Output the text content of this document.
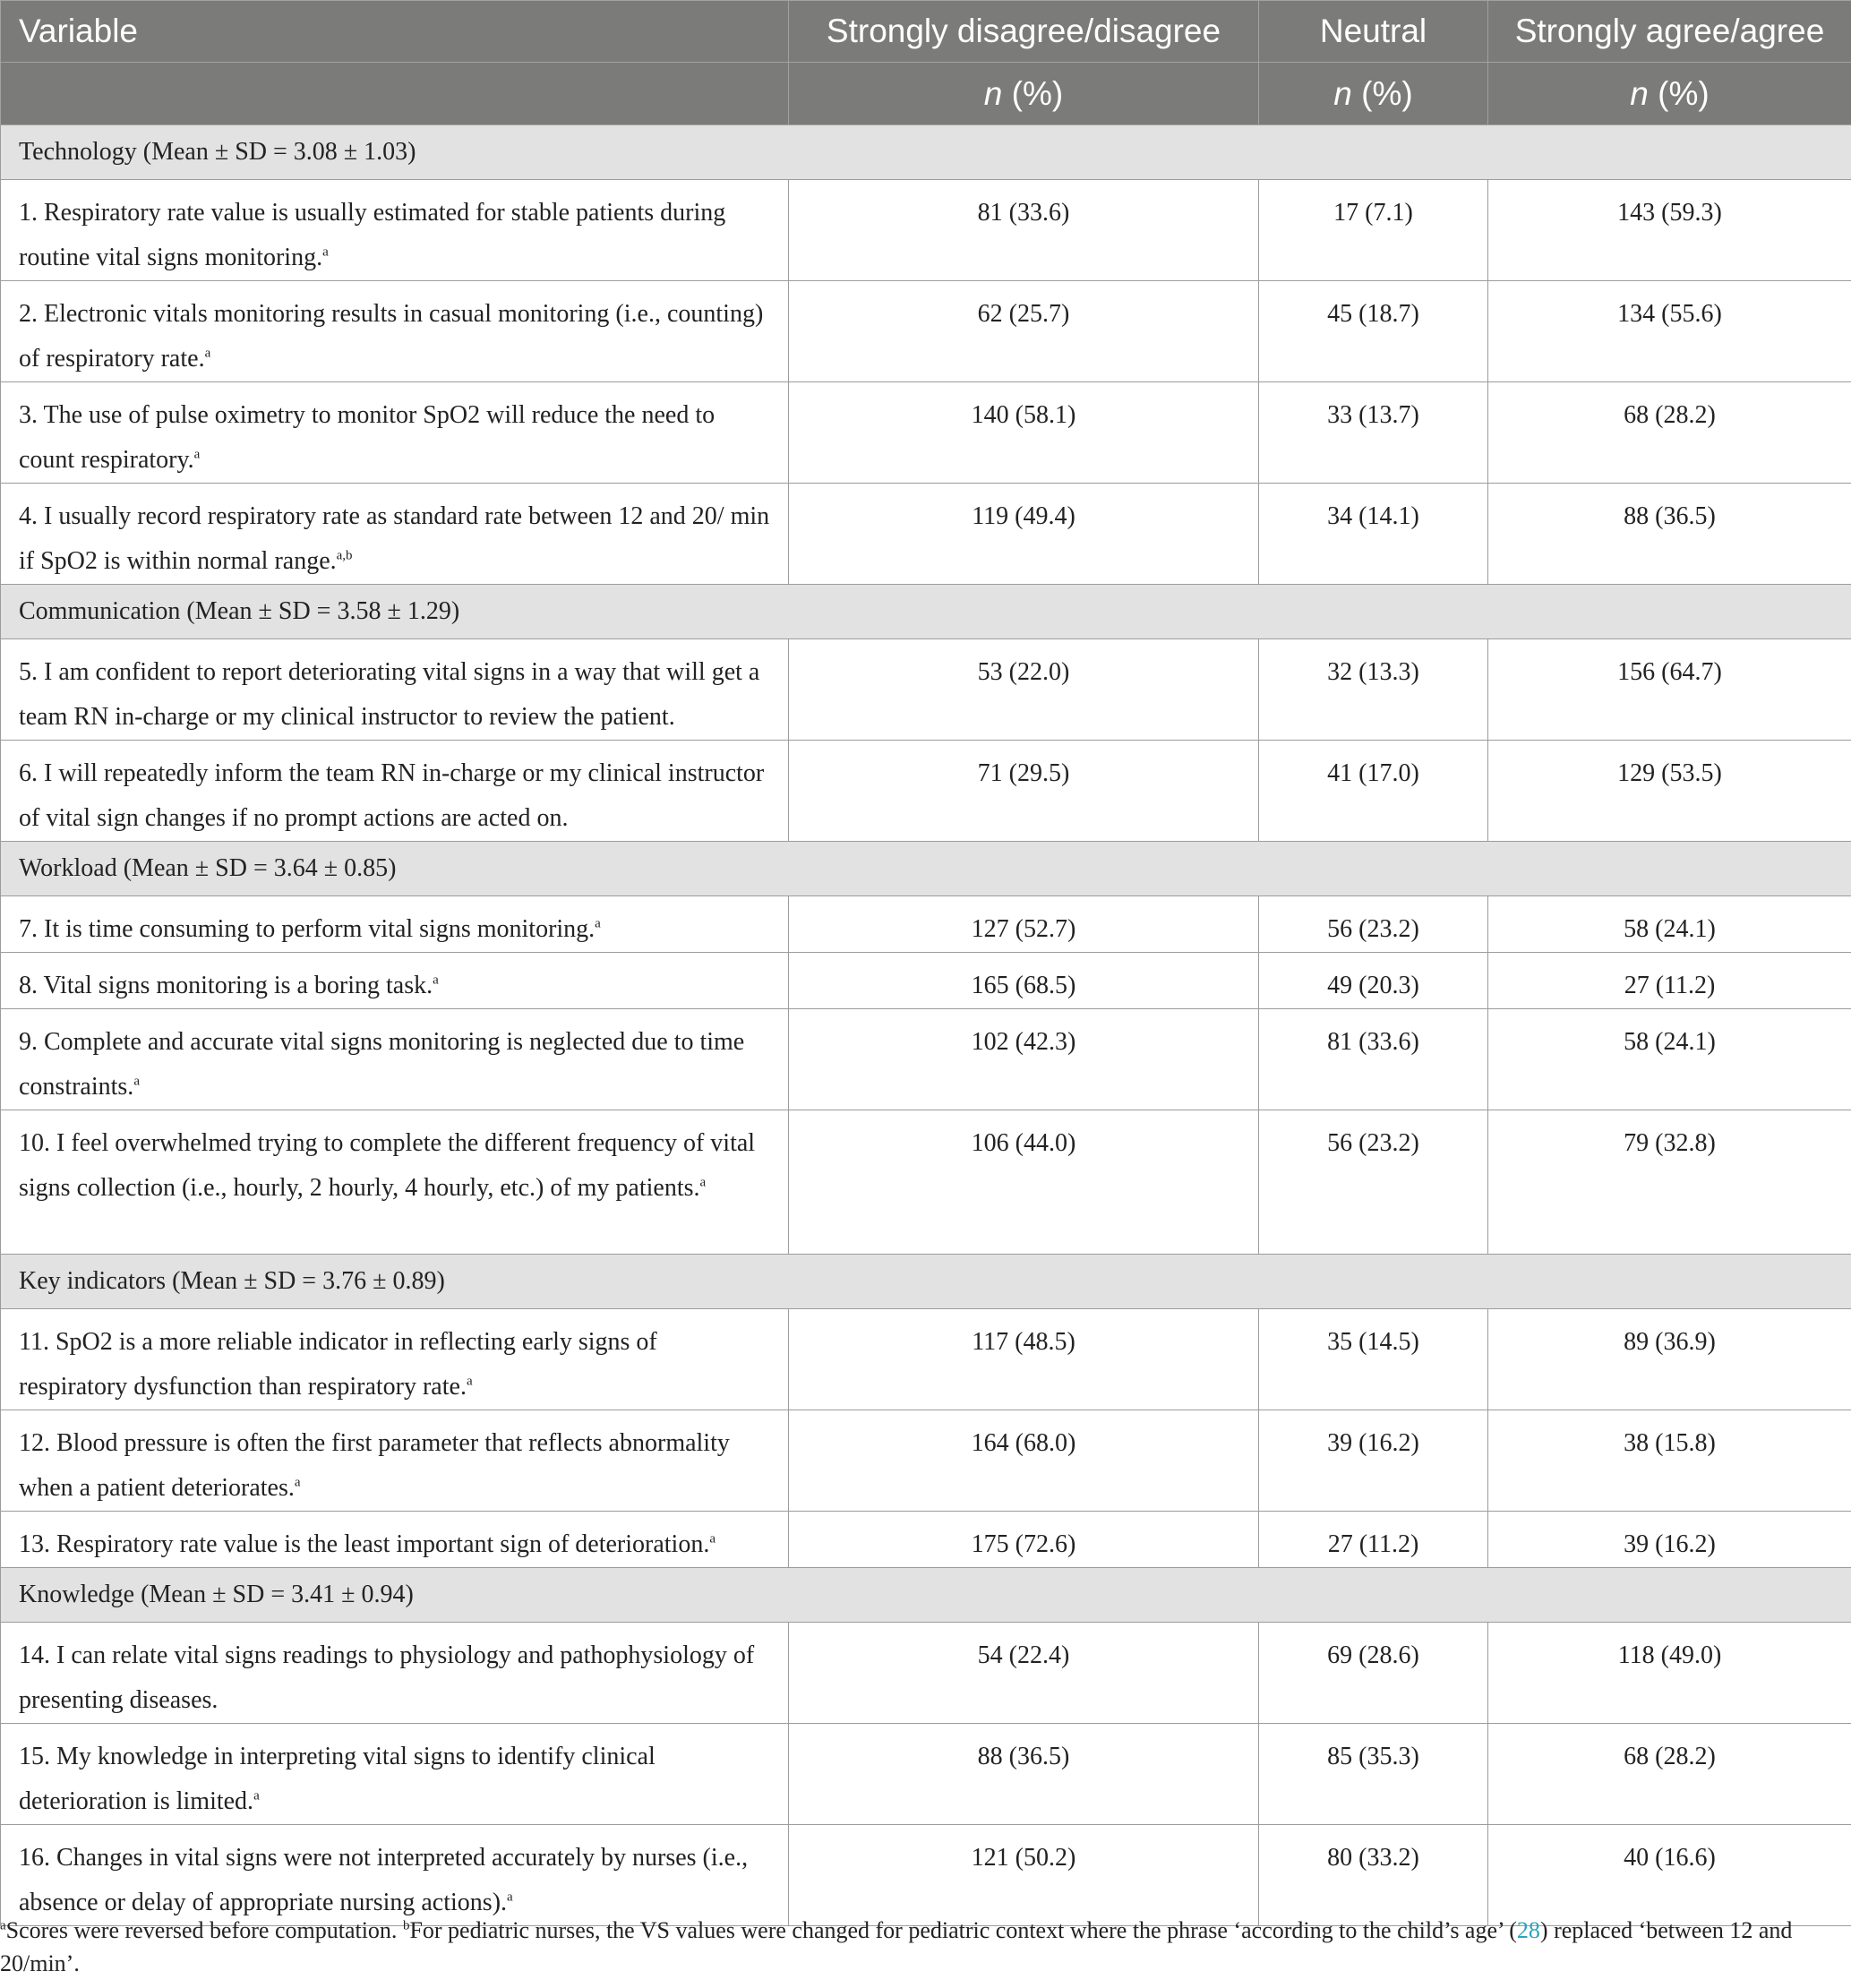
Variable	Strongly disagree/disagree	Neutral	Strongly agree/agree
	n (%)	n (%)	n (%)
Technology (Mean ± SD = 3.08 ± 1.03)			
1. Respiratory rate value is usually estimated for stable patients during routine vital signs monitoring.$^a$	81 (33.6)	17 (7.1)	143 (59.3)
2. Electronic vitals monitoring results in casual monitoring (i.e., counting) of respiratory rate.$^a$	62 (25.7)	45 (18.7)	134 (55.6)
3. The use of pulse oximetry to monitor SpO2 will reduce the need to count respiratory.$^a$	140 (58.1)	33 (13.7)	68 (28.2)
4. I usually record respiratory rate as standard rate between 12 and 20/ min if SpO2 is within normal range.$^{a,b}$	119 (49.4)	34 (14.1)	88 (36.5)
Communication (Mean ± SD = 3.58 ± 1.29)			
5. I am confident to report deteriorating vital signs in a way that will get a team RN in-charge or my clinical instructor to review the patient.	53 (22.0)	32 (13.3)	156 (64.7)
6. I will repeatedly inform the team RN in-charge or my clinical instructor of vital sign changes if no prompt actions are acted on.	71 (29.5)	41 (17.0)	129 (53.5)
Workload (Mean ± SD = 3.64 ± 0.85)			
7. It is time consuming to perform vital signs monitoring.$^a$	127 (52.7)	56 (23.2)	58 (24.1)
8. Vital signs monitoring is a boring task.$^a$	165 (68.5)	49 (20.3)	27 (11.2)
9. Complete and accurate vital signs monitoring is neglected due to time constraints.$^a$	102 (42.3)	81 (33.6)	58 (24.1)
10. I feel overwhelmed trying to complete the different frequency of vital signs collection (i.e., hourly, 2 hourly, 4 hourly, etc.) of my patients.$^a$	106 (44.0)	56 (23.2)	79 (32.8)
Key indicators (Mean ± SD = 3.76 ± 0.89)			
11. SpO2 is a more reliable indicator in reflecting early signs of respiratory dysfunction than respiratory rate.$^a$	117 (48.5)	35 (14.5)	89 (36.9)
12. Blood pressure is often the first parameter that reflects abnormality when a patient deteriorates.$^a$	164 (68.0)	39 (16.2)	38 (15.8)
13. Respiratory rate value is the least important sign of deterioration.$^a$	175 (72.6)	27 (11.2)	39 (16.2)
Knowledge (Mean ± SD = 3.41 ± 0.94)			
14. I can relate vital signs readings to physiology and pathophysiology of presenting diseases.	54 (22.4)	69 (28.6)	118 (49.0)
15. My knowledge in interpreting vital signs to identify clinical deterioration is limited.$^a$	88 (36.5)	85 (35.3)	68 (28.2)
16. Changes in vital signs were not interpreted accurately by nurses (i.e., absence or delay of appropriate nursing actions).$^a$	121 (50.2)	80 (33.2)	40 (16.6)
$^a$Scores were reversed before computation. $^b$For pediatric nurses, the VS values were changed for pediatric context where the phrase ‘according to the child’s age’ (28) replaced ‘between 12 and 20/min’.
